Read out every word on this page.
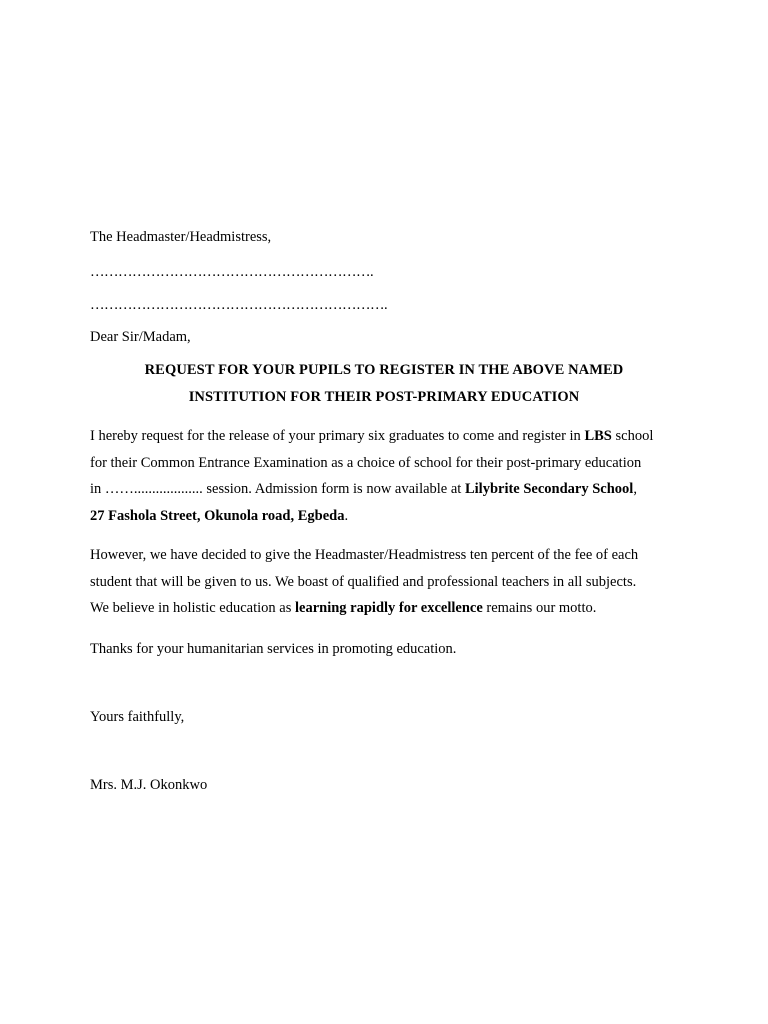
The Headmaster/Headmistress,
…………………………………………………….
……………………………………………………….
Dear Sir/Madam,
REQUEST FOR YOUR PUPILS TO REGISTER IN THE ABOVE NAMED
INSTITUTION FOR THEIR POST-PRIMARY EDUCATION
I hereby request for the release of your primary six graduates to come and register in LBS school
for their Common Entrance Examination as a choice of school for their post-primary education
in ……................... session. Admission form is now available at Lilybrite Secondary School,
27 Fashola Street, Okunola road, Egbeda.
However, we have decided to give the Headmaster/Headmistress ten percent of the fee of each
student that will be given to us. We boast of qualified and professional teachers in all subjects.
We believe in holistic education as learning rapidly for excellence remains our motto.
Thanks for your humanitarian services in promoting education.
Yours faithfully,
Mrs. M.J. Okonkwo
